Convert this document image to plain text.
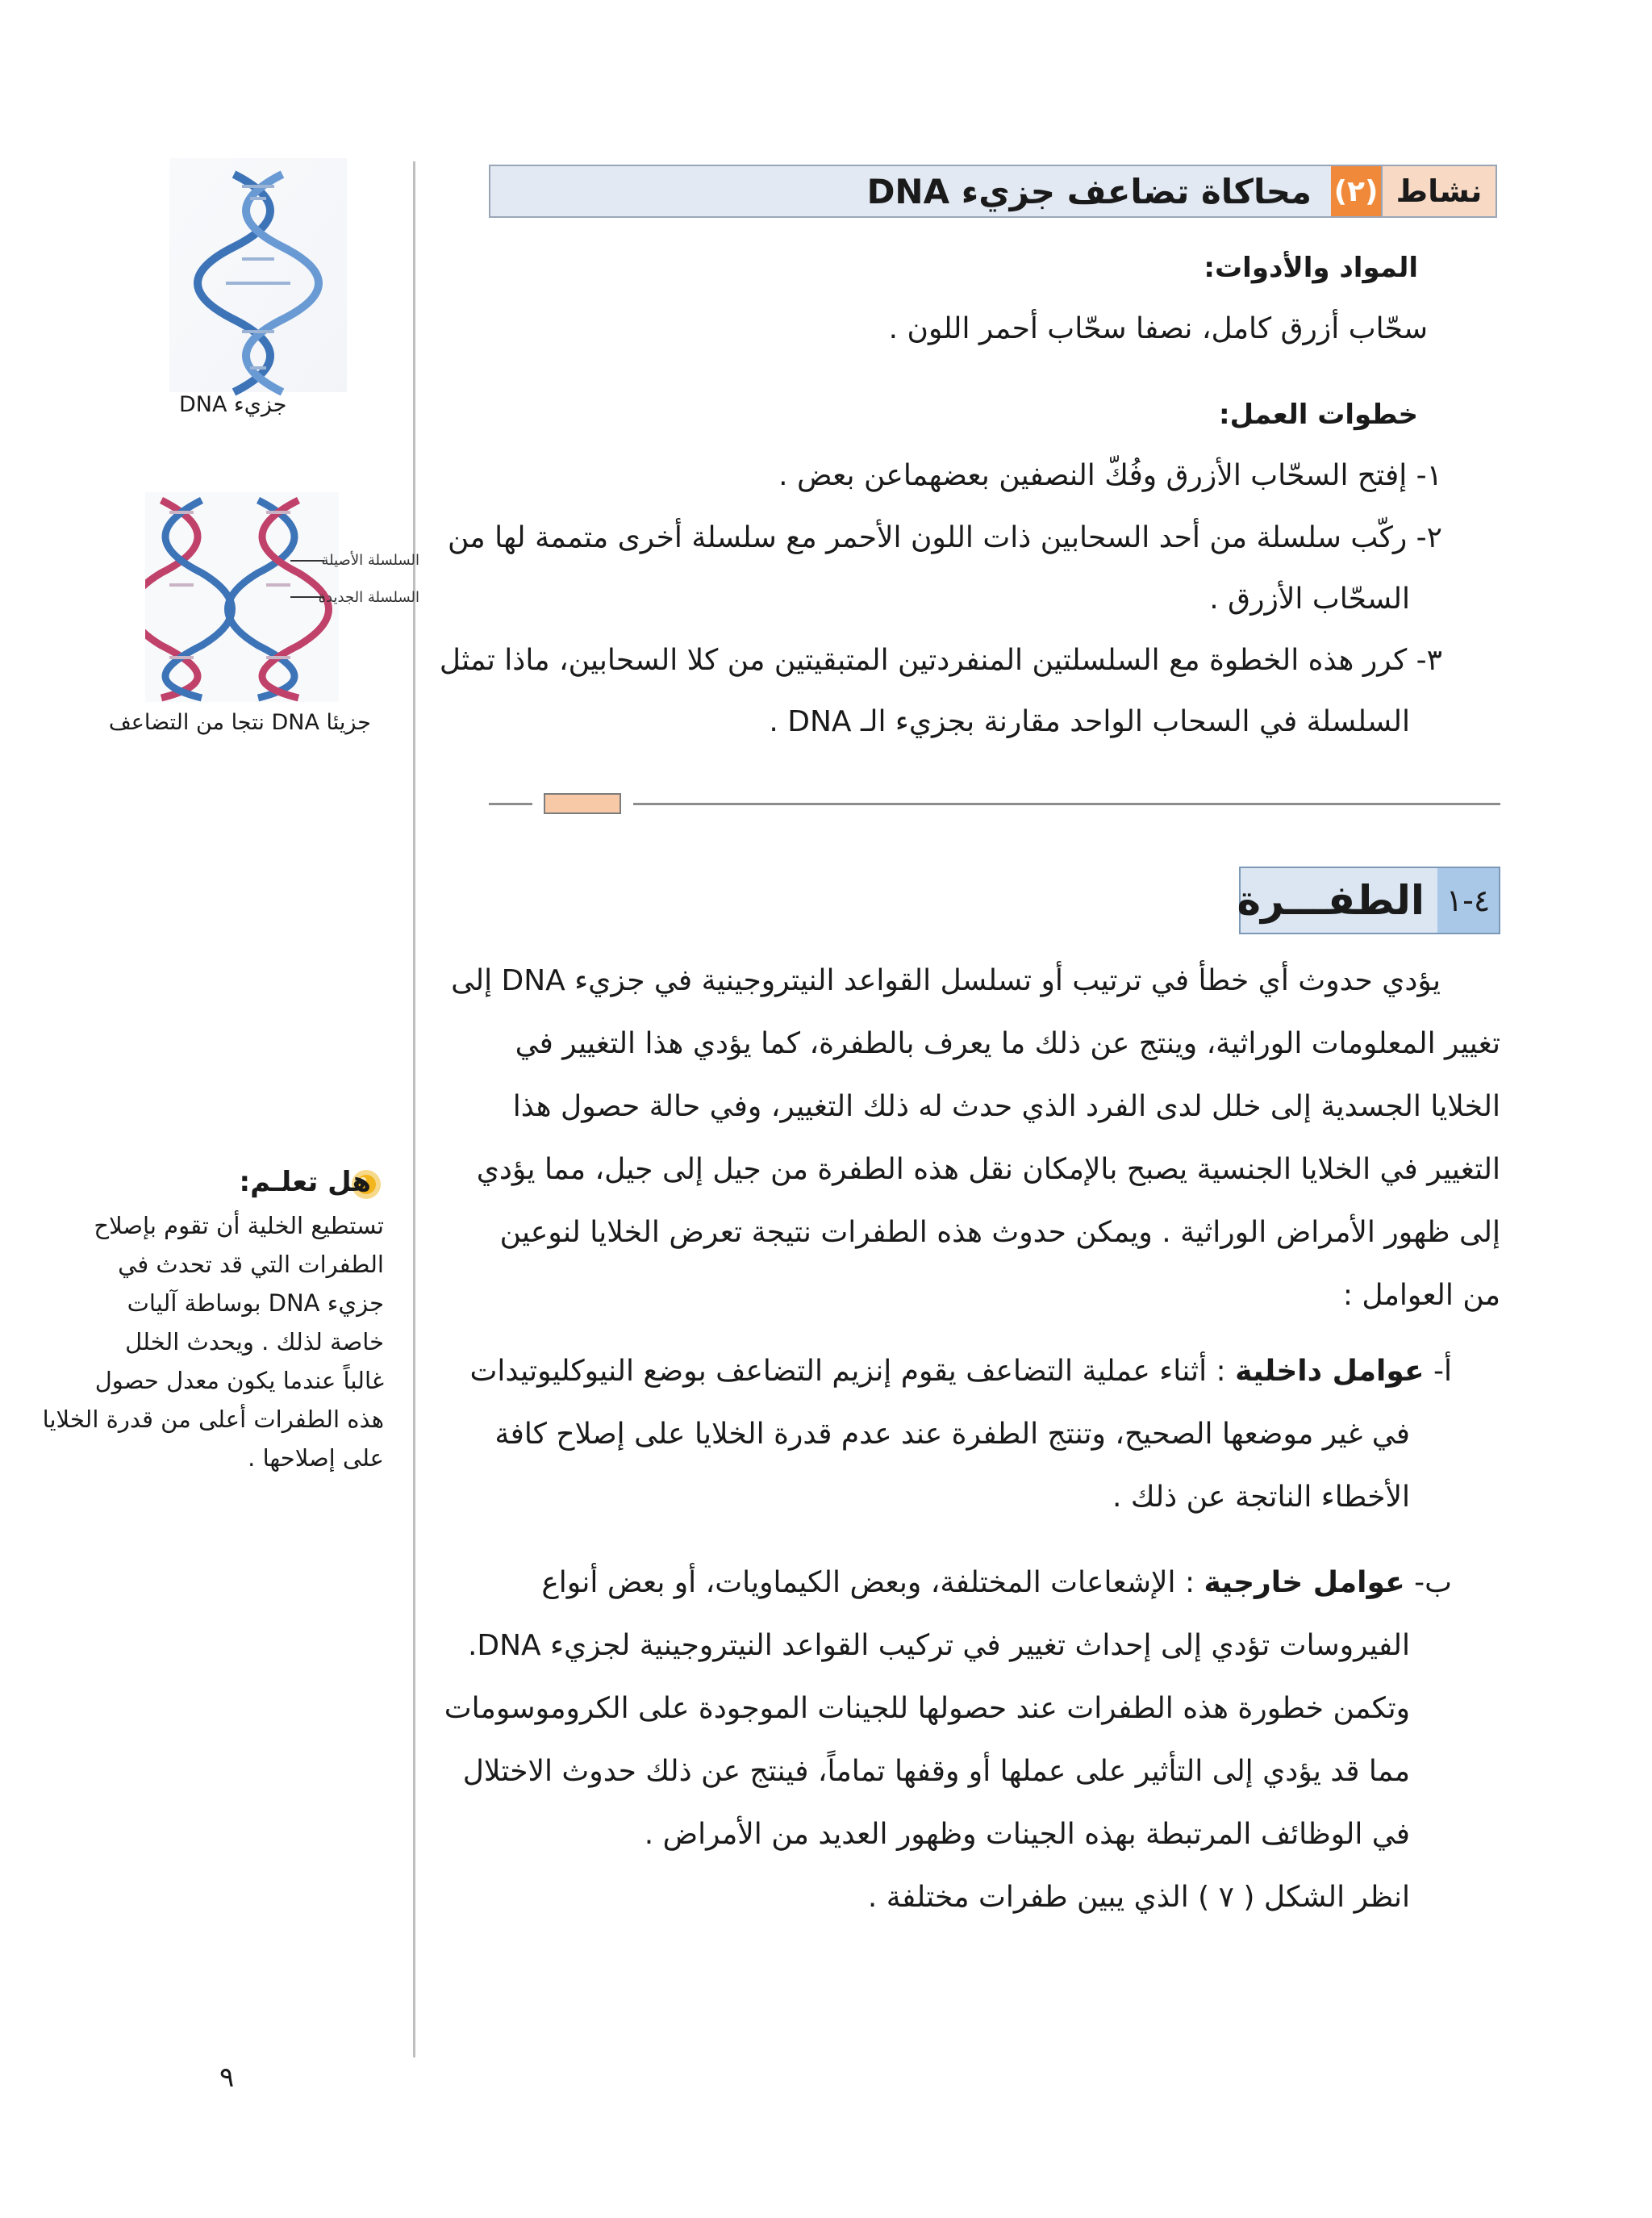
نشاط
(٢)
محاكاة تضاعف جزيء DNA
المواد والأدوات:
سحّاب أزرق كامل، نصفا سحّاب أحمر اللون .
خطوات العمل:
١- إفتح السحّاب الأزرق وفُكّ النصفين بعضهماعن بعض .
٢- ركّب سلسلة من أحد السحابين ذات اللون الأحمر مع سلسلة أخرى متممة لها من
السحّاب الأزرق .
٣- كرر هذه الخطوة مع السلسلتين المنفردتين المتبقيتين من كلا السحابين، ماذا تمثل
السلسلة في السحاب الواحد مقارنة بجزيء الـ DNA .
٤-١
الطفـــرة
يؤدي حدوث أي خطأ في ترتيب أو تسلسل القواعد النيتروجينية في جزيء DNA إلى
تغيير المعلومات الوراثية، وينتج عن ذلك ما يعرف بالطفرة، كما يؤدي هذا التغيير في
الخلايا الجسدية إلى خلل لدى الفرد الذي حدث له ذلك التغيير، وفي حالة حصول هذا
التغيير في الخلايا الجنسية يصبح بالإمكان نقل هذه الطفرة من جيل إلى جيل، مما يؤدي
إلى ظهور الأمراض الوراثية . ويمكن حدوث هذه الطفرات نتيجة تعرض الخلايا لنوعين
من العوامل :
أ- عوامل داخلية : أثناء عملية التضاعف يقوم إنزيم التضاعف بوضع النيوكليوتيدات
في غير موضعها الصحيح، وتنتج الطفرة عند عدم قدرة الخلايا على إصلاح كافة
الأخطاء الناتجة عن ذلك .
ب- عوامل خارجية : الإشعاعات المختلفة، وبعض الكيماويات، أو بعض أنواع
الفيروسات تؤدي إلى إحداث تغيير في تركيب القواعد النيتروجينية لجزيء DNA.
وتكمن خطورة هذه الطفرات عند حصولها للجينات الموجودة على الكروموسومات
مما قد يؤدي إلى التأثير على عملها أو وقفها تماماً، فينتج عن ذلك حدوث الاختلال
في الوظائف المرتبطة بهذه الجينات وظهور العديد من الأمراض .
انظر الشكل ( ٧ ) الذي يبين طفرات مختلفة .
جزيء DNA
السلسلة الأصيلة
السلسلة الجديدة
جزيئا DNA نتجا من التضاعف
هل تعلـم:
تستطيع الخلية أن تقوم بإصلاح
الطفرات التي قد تحدث في
جزيء DNA بوساطة آليات
خاصة لذلك . ويحدث الخلل
غالباً عندما يكون معدل حصول
هذه الطفرات أعلى من قدرة الخلايا
على إصلاحها .
٩
